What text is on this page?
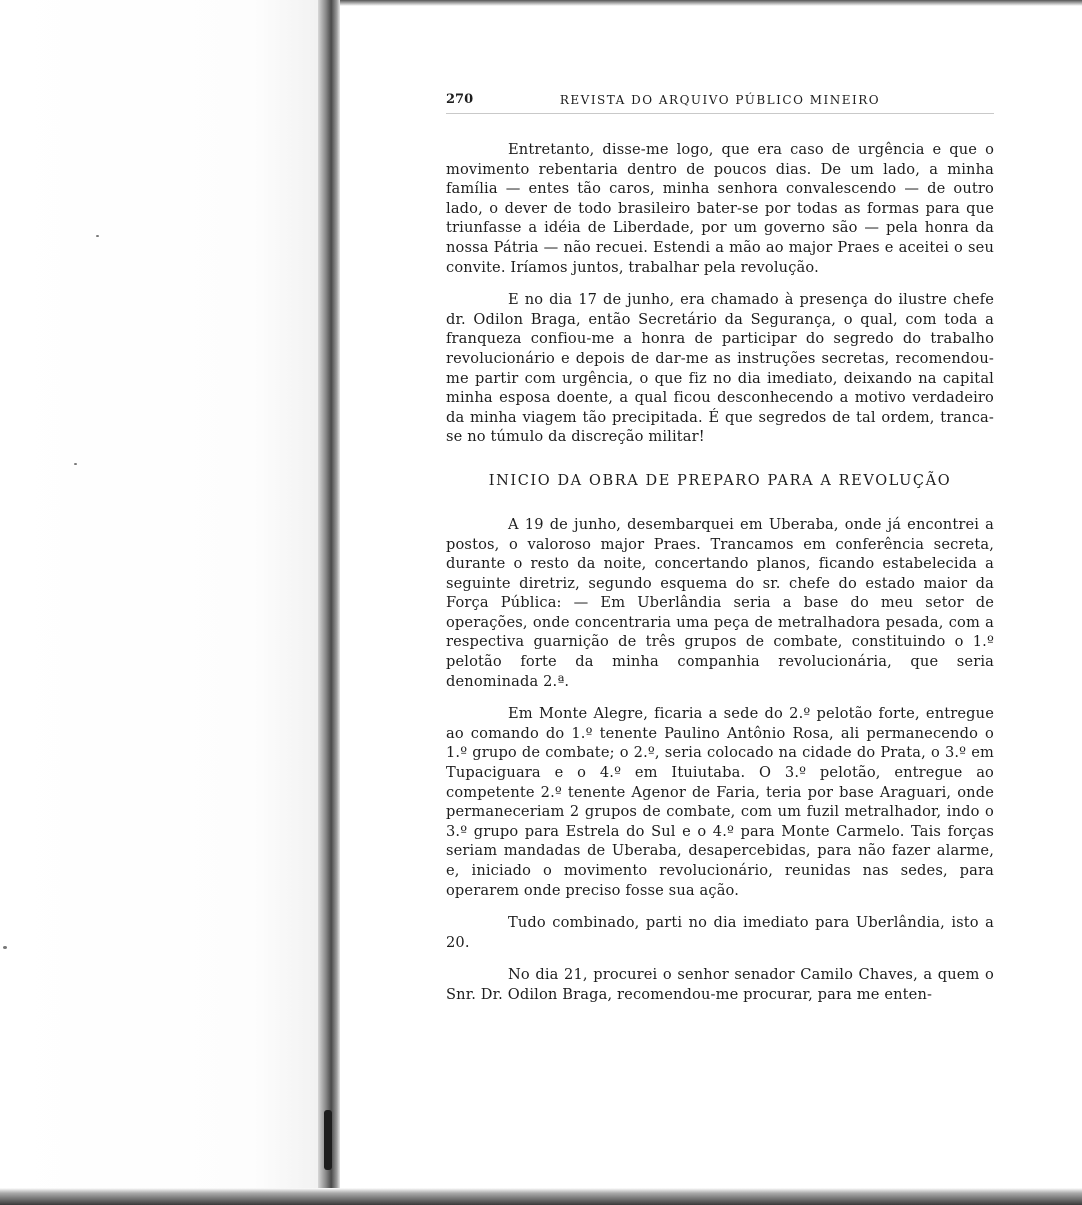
270	REVISTA DO ARQUIVO PÚBLICO MINEIRO

Entretanto, disse-me logo, que era caso de urgência e que o movimento rebentaria dentro de poucos dias. De um lado, a minha família — entes tão caros, minha senhora convalescendo — de outro lado, o dever de todo brasileiro bater-se por todas as formas para que triunfasse a idéia de Liberdade, por um governo são — pela honra da nossa Pátria — não recuei. Estendi a mão ao major Praes e aceitei o seu convite. Iríamos juntos, trabalhar pela revolução.

E no dia 17 de junho, era chamado à presença do ilustre chefe dr. Odilon Braga, então Secretário da Segurança, o qual, com toda a franqueza confiou-me a honra de participar do segredo do trabalho revolucionário e depois de dar-me as instruções secretas, recomendou-me partir com urgência, o que fiz no dia imediato, deixando na capital minha esposa doente, a qual ficou desconhecendo a motivo verdadeiro da minha viagem tão precipitada. É que segredos de tal ordem, tranca-se no túmulo da discreção militar!

INICIO DA OBRA DE PREPARO PARA A REVOLUÇÃO

A 19 de junho, desembarquei em Uberaba, onde já encontrei a postos, o valoroso major Praes. Trancamos em conferência secreta, durante o resto da noite, concertando planos, ficando estabelecida a seguinte diretriz, segundo esquema do sr. chefe do estado maior da Força Pública: — Em Uberlândia seria a base do meu setor de operações, onde concentraria uma peça de metralhadora pesada, com a respectiva guarnição de três grupos de combate, constituindo o 1.º pelotão forte da minha companhia revolucionária, que seria denominada 2.ª.

Em Monte Alegre, ficaria a sede do 2.º pelotão forte, entregue ao comando do 1.º tenente Paulino Antônio Rosa, ali permanecendo o 1.º grupo de combate; o 2.º, seria colocado na cidade do Prata, o 3.º em Tupaciguara e o 4.º em Ituiutaba. O 3.º pelotão, entregue ao competente 2.º tenente Agenor de Faria, teria por base Araguari, onde permaneceriam 2 grupos de combate, com um fuzil metralhador, indo o 3.º grupo para Estrela do Sul e o 4.º para Monte Carmelo. Tais forças seriam mandadas de Uberaba, desapercebidas, para não fazer alarme, e, iniciado o movimento revolucionário, reunidas nas sedes, para operarem onde preciso fosse sua ação.

Tudo combinado, parti no dia imediato para Uberlândia, isto a 20.

No dia 21, procurei o senhor senador Camilo Chaves, a quem o Snr. Dr. Odilon Braga, recomendou-me procurar, para me enten-
